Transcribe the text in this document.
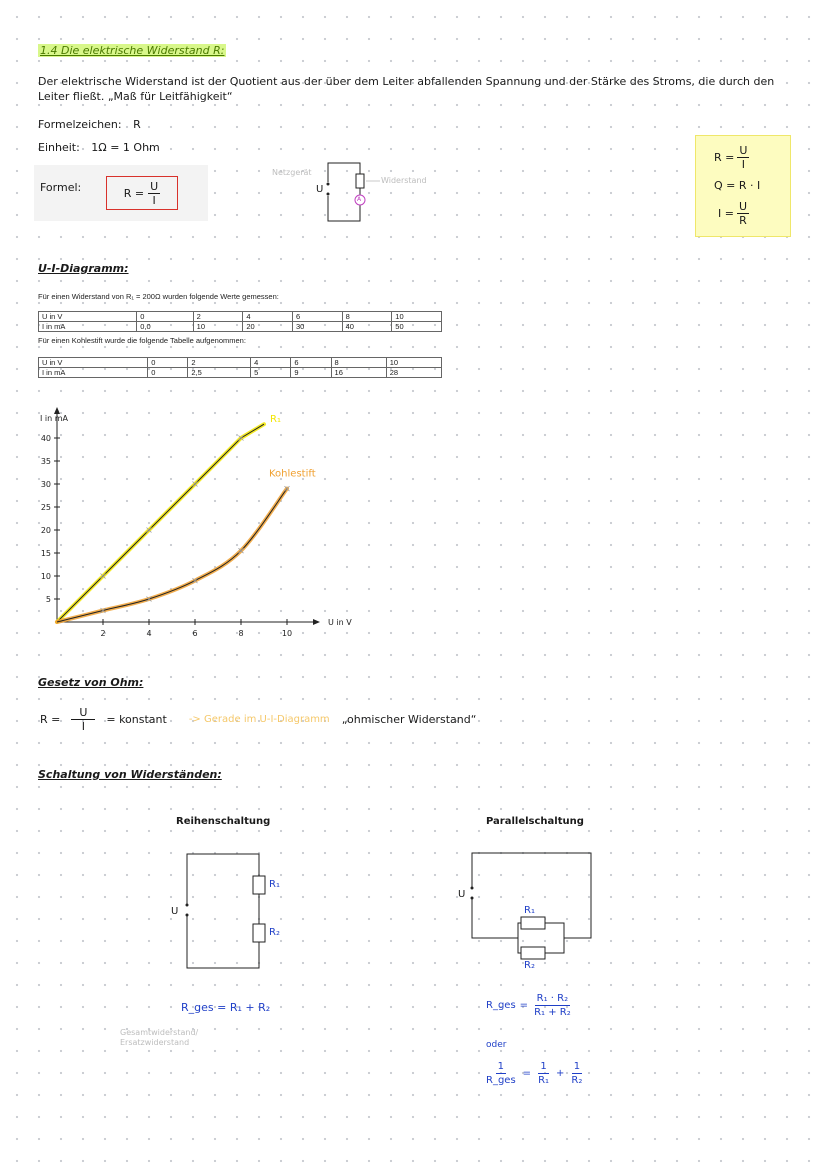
1.4 Die elektrische Widerstand R:
Der elektrische Widerstand ist der Quotient aus der über dem Leiter abfallenden Spannung und der Stärke des Stroms, die durch den Leiter fließt. „Maß für Leitfähigkeit“
Formelzeichen: R
Einheit: 1Ω = 1 Ohm
Formel:	$R = \frac{U}{I}$	U
A
Netzgerät
Widerstand
$R = \frac{U}{I}$
Q = R · I
$I = \frac{U}{R}$
U-I-Diagramm:
Für einen Widerstand von R₁ = 200Ω wurden folgende Werte gemessen:
U in V	0	2	4	6	8	10
I in mA	0,0	10	20	30	40	50
Für einen Kohlestift wurde die folgende Tabelle aufgenommen:
U in V	0	2	4	6	8	10
I in mA	0	2,5	5	9	16	28
2	4	6	8	10
5
10
15
20
25
30
35
40
U in V
I in mA	R₁
Kohlestift
Gesetz von Ohm:
$R = \frac{U}{I}$ = konstant -> Gerade im U-I-Diagramm „ohmischer Widerstand“
Schaltung von Widerständen:
Reihenschaltung
U
R₁
R₂
R_ges = R₁ + R₂
Gesamtwiderstand/
Ersatzwiderstand
Parallelschaltung
U
R₁
R₂
R_ges = $\frac{\text{R₁ · R₂}}{\text{R₁ + R₂}}$
oder
$\frac{1}{\text{R\_ges}} = \frac{1}{\text{R₁}} + \frac{1}{\text{R₂}}$
